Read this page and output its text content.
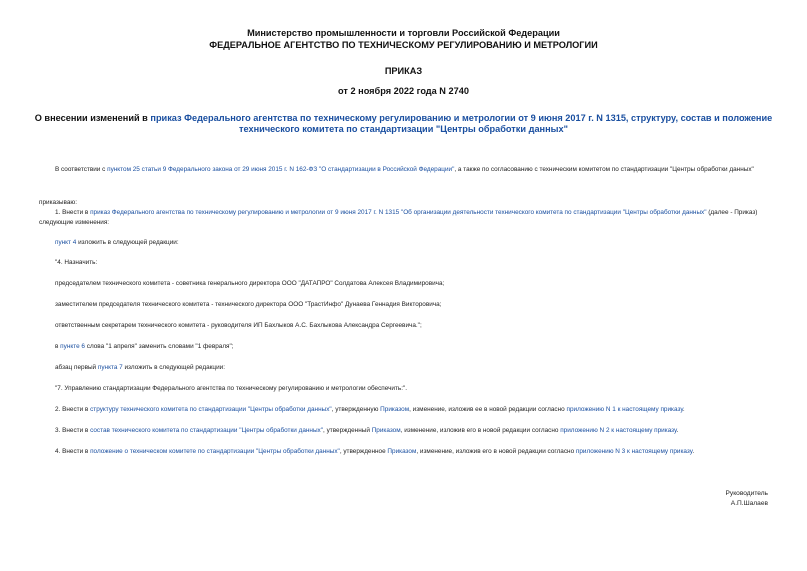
Министерство промышленности и торговли Российской Федерации
ФЕДЕРАЛЬНОЕ АГЕНТСТВО ПО ТЕХНИЧЕСКОМУ РЕГУЛИРОВАНИЮ И МЕТРОЛОГИИ
ПРИКАЗ
от 2 ноября 2022 года N 2740
О внесении изменений в приказ Федерального агентства по техническому регулированию и метрологии от 9 июня 2017 г. N 1315, структуру, состав и положение технического комитета по стандартизации "Центры обработки данных"
В соответствии с пунктом 25 статьи 9 Федерального закона от 29 июня 2015 г. N 162-ФЗ "О стандартизации в Российской Федерации", а также по согласованию с техническим комитетом по стандартизации "Центры обработки данных"
приказываю:
1. Внести в приказ Федерального агентства по техническому регулированию и метрологии от 9 июня 2017 г. N 1315 "Об организации деятельности технического комитета по стандартизации "Центры обработки данных" (далее - Приказ) следующие изменения:
пункт 4 изложить в следующей редакции:
"4. Назначить:
председателем технического комитета - советника генерального директора ООО "ДАТАПРО" Солдатова Алексея Владимировича;
заместителем председателя технического комитета - технического директора ООО "ТрастИнфо" Дунаева Геннадия Викторовича;
ответственным секретарем технического комитета - руководителя ИП Бахлыков А.С. Бахлыкова Александра Сергеевича.";
в пункте 6 слова "1 апреля" заменить словами "1 февраля";
абзац первый пункта 7 изложить в следующей редакции:
"7. Управлению стандартизации Федерального агентства по техническому регулированию и метрологии обеспечить:".
2. Внести в структуру технического комитета по стандартизации "Центры обработки данных", утвержденную Приказом, изменение, изложив ее в новой редакции согласно приложению N 1 к настоящему приказу.
3. Внести в состав технического комитета по стандартизации "Центры обработки данных", утвержденный Приказом, изменение, изложив его в новой редакции согласно приложению N 2 к настоящему приказу.
4. Внести в положение о техническом комитете по стандартизации "Центры обработки данных", утвержденное Приказом, изменение, изложив его в новой редакции согласно приложению N 3 к настоящему приказу.
Руководитель
А.П.Шалаев
